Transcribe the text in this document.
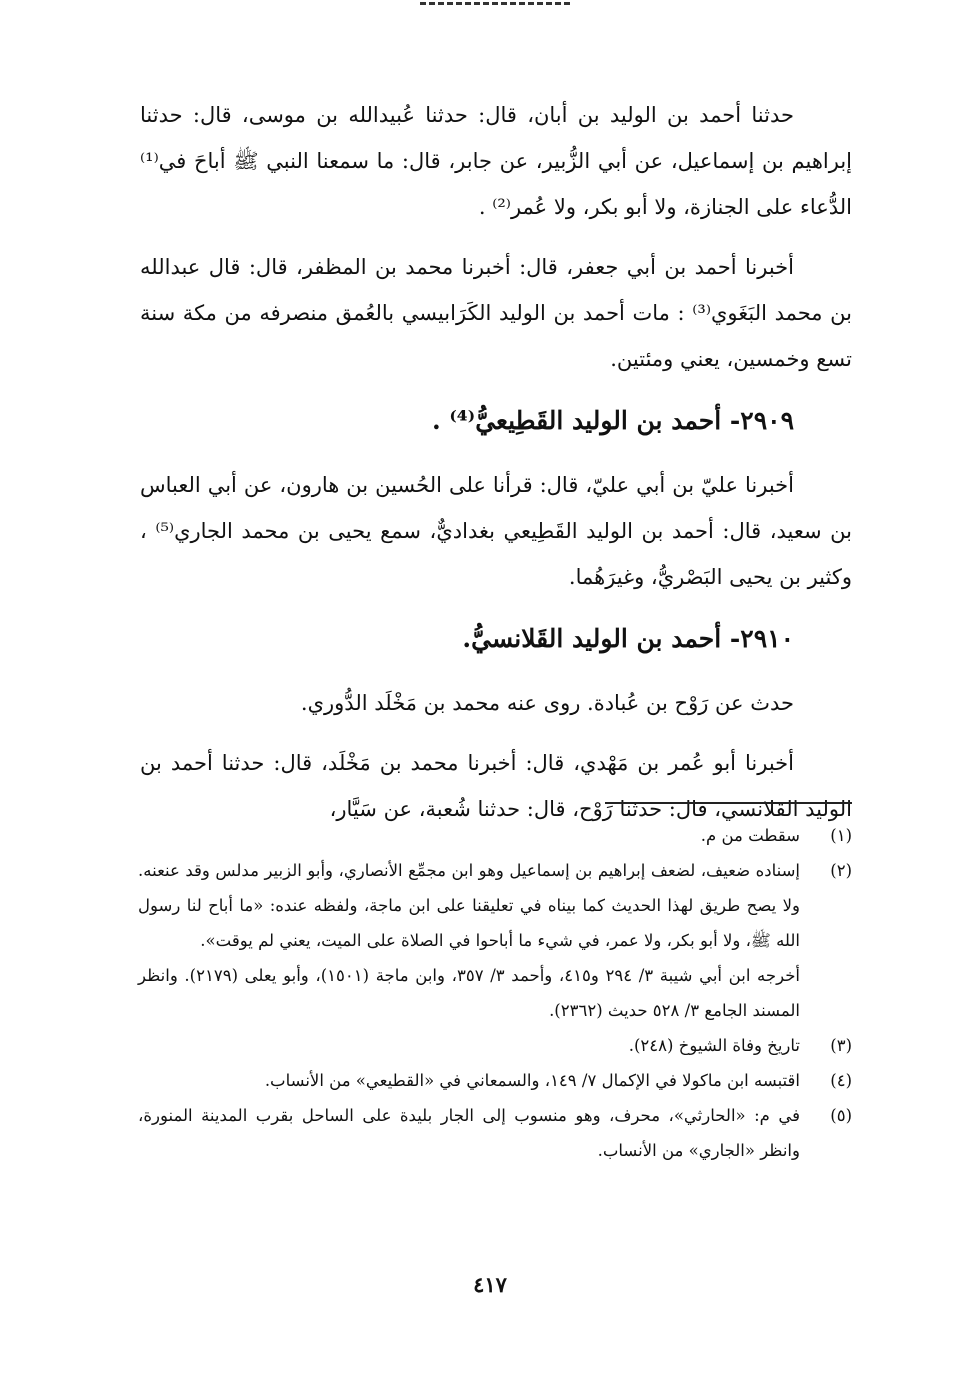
حدثنا أحمد بن الوليد بن أبان، قال: حدثنا عُبيدالله بن موسى، قال: حدثنا إبراهيم بن إسماعيل، عن أبي الزُّبير، عن جابر، قال: ما سمعنا النبي ﷺ أباحَ في⁽¹⁾ الدُّعاء على الجنازة، ولا أبو بكر، ولا عُمر⁽²⁾ .

أخبرنا أحمد بن أبي جعفر، قال: أخبرنا محمد بن المظفر، قال: قال عبدالله بن محمد البَغَوي⁽³⁾ : مات أحمد بن الوليد الكَرَابيسي بالعُمق منصرفه من مكة سنة تسع وخمسين، يعني ومئتين.

٢٩٠٩- أحمد بن الوليد القَطِيعيُّ⁽⁴⁾ .

أخبرنا عليّ بن أبي عليّ، قال: قرأنا على الحُسين بن هارون، عن أبي العباس بن سعيد، قال: أحمد بن الوليد القَطِيعي بغداديٌّ، سمع يحيى بن محمد الجاري⁽⁵⁾ ، وكثير بن يحيى البَصْريُّ، وغيرَهُما.

٢٩١٠- أحمد بن الوليد القَلانسيُّ.

حدث عن رَوْح بن عُبادة. روى عنه محمد بن مَخْلَد الدُّوري.

أخبرنا أبو عُمر بن مَهْدي، قال: أخبرنا محمد بن مَخْلَد، قال: حدثنا أحمد بن الوليد القلانسي، قال: حدثنا رَوْح، قال: حدثنا شُعبة، عن سَيَّار،

(١)
سقطت من م.
(٢)
إسناده ضعيف، لضعف إبراهيم بن إسماعيل وهو ابن مجمِّع الأنصاري، وأبو الزبير مدلس وقد عنعنه. ولا يصح طريق لهذا الحديث كما بيناه في تعليقنا على ابن ماجة، ولفظه عنده: «ما أباح لنا رسول الله ﷺ، ولا أبو بكر، ولا عمر، في شيء ما أباحوا في الصلاة على الميت، يعني لم يوقت».
أخرجه ابن أبي شيبة ٣/ ٢٩٤ و٤١٥، وأحمد ٣/ ٣٥٧، وابن ماجة (١٥٠١)، وأبو يعلى (٢١٧٩). وانظر المسند الجامع ٣/ ٥٢٨ حديث (٢٣٦٢).
(٣)
تاريخ وفاة الشيوخ (٢٤٨).
(٤)
اقتبسه ابن ماكولا في الإكمال ٧/ ١٤٩، والسمعاني في «القطيعي» من الأنساب.
(٥)
في م: «الحارثي»، محرف، وهو منسوب إلى الجار بليدة على الساحل بقرب المدينة المنورة، وانظر «الجاري» من الأنساب.
٤١٧
